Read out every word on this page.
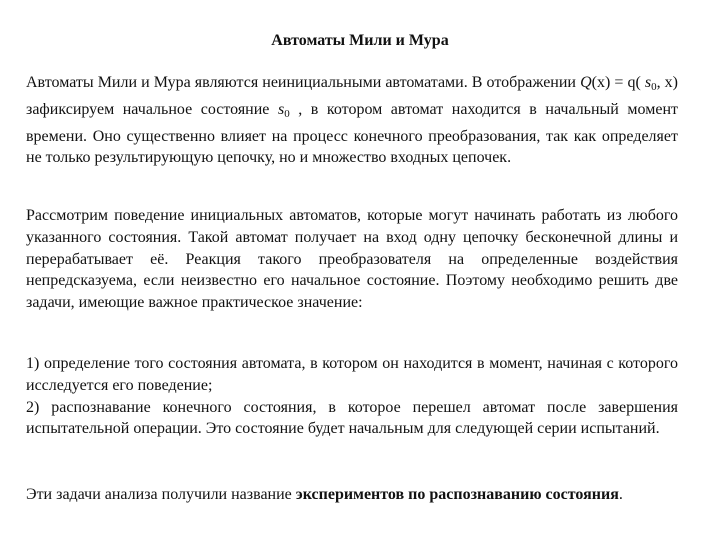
Автоматы Мили и Мура

Автоматы Мили и Мура являются неинициальными автоматами. В отображении Q(x) = q( $s_0$, x) зафиксируем начальное состояние $s_0$ , в котором автомат находится в начальный момент времени. Оно существенно влияет на процесс конечного преобразования, так как определяет не только результирующую цепочку, но и множество входных цепочек.

Рассмотрим поведение инициальных автоматов, которые могут начинать работать из любого указанного состояния. Такой автомат получает на вход одну цепочку бесконечной длины и перерабатывает её. Реакция такого преобразователя на определенные воздействия непредсказуема, если неизвестно его начальное состояние. Поэтому необходимо решить две задачи, имеющие важное практическое значение:

1) определение того состояния автомата, в котором он находится в момент, начиная с которого исследуется его поведение;
2) распознавание конечного состояния, в которое перешел автомат после завершения испытательной операции. Это состояние будет начальным для следующей серии испытаний.

Эти задачи анализа получили название экспериментов по распознаванию состояния.
